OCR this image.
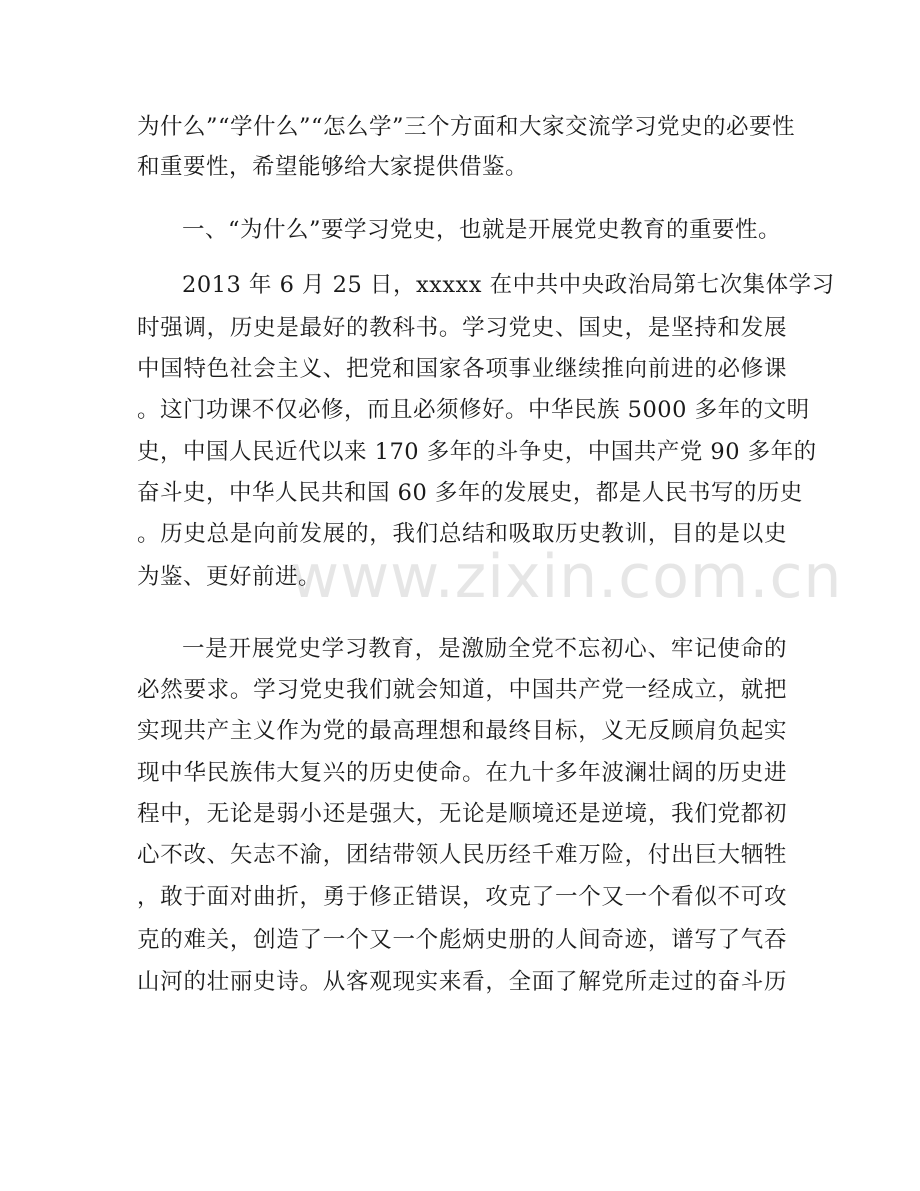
www.zixin.com.cn
为什么”“学什么”“怎么学”三个方面和大家交流学习党史的必要性
和重要性，希望能够给大家提供借鉴。
一、“为什么”要学习党史，也就是开展党史教育的重要性。
2013 年 6 月 25 日，xxxxx 在中共中央政治局第七次集体学习
时强调，历史是最好的教科书。学习党史、国史，是坚持和发展
中国特色社会主义、把党和国家各项事业继续推向前进的必修课
。这门功课不仅必修，而且必须修好。中华民族 5000 多年的文明
史，中国人民近代以来 170 多年的斗争史，中国共产党 90 多年的
奋斗史，中华人民共和国 60 多年的发展史，都是人民书写的历史
。历史总是向前发展的，我们总结和吸取历史教训，目的是以史
为鉴、更好前进。
一是开展党史学习教育，是激励全党不忘初心、牢记使命的
必然要求。学习党史我们就会知道，中国共产党一经成立，就把
实现共产主义作为党的最高理想和最终目标，义无反顾肩负起实
现中华民族伟大复兴的历史使命。在九十多年波澜壮阔的历史进
程中，无论是弱小还是强大，无论是顺境还是逆境，我们党都初
心不改、矢志不渝，团结带领人民历经千难万险，付出巨大牺牲
，敢于面对曲折，勇于修正错误，攻克了一个又一个看似不可攻
克的难关，创造了一个又一个彪炳史册的人间奇迹，谱写了气吞
山河的壮丽史诗。从客观现实来看，全面了解党所走过的奋斗历
